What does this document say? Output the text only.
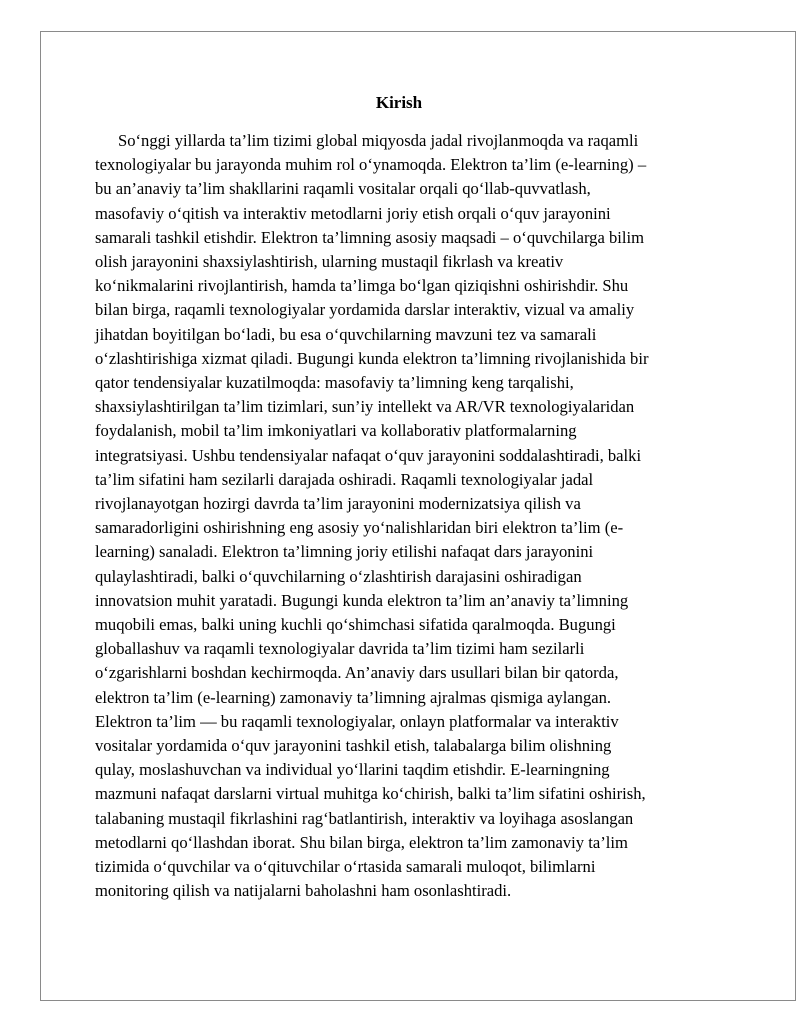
Kirish

So‘nggi yillarda ta’lim tizimi global miqyosda jadal rivojlanmoqda va raqamli
texnologiyalar bu jarayonda muhim rol o‘ynamoqda. Elektron ta’lim (e-learning) –
bu an’anaviy ta’lim shakllarini raqamli vositalar orqali qo‘llab-quvvatlash,
masofaviy o‘qitish va interaktiv metodlarni joriy etish orqali o‘quv jarayonini
samarali tashkil etishdir. Elektron ta’limning asosiy maqsadi – o‘quvchilarga bilim
olish jarayonini shaxsiylashtirish, ularning mustaqil fikrlash va kreativ
ko‘nikmalarini rivojlantirish, hamda ta’limga bo‘lgan qiziqishni oshirishdir. Shu
bilan birga, raqamli texnologiyalar yordamida darslar interaktiv, vizual va amaliy
jihatdan boyitilgan bo‘ladi, bu esa o‘quvchilarning mavzuni tez va samarali
o‘zlashtirishiga xizmat qiladi. Bugungi kunda elektron ta’limning rivojlanishida bir
qator tendensiyalar kuzatilmoqda: masofaviy ta’limning keng tarqalishi,
shaxsiylashtirilgan ta’lim tizimlari, sun’iy intellekt va AR/VR texnologiyalaridan
foydalanish, mobil ta’lim imkoniyatlari va kollaborativ platformalarning
integratsiyasi. Ushbu tendensiyalar nafaqat o‘quv jarayonini soddalashtiradi, balki
ta’lim sifatini ham sezilarli darajada oshiradi. Raqamli texnologiyalar jadal
rivojlanayotgan hozirgi davrda ta’lim jarayonini modernizatsiya qilish va
samaradorligini oshirishning eng asosiy yo‘nalishlaridan biri elektron ta’lim (e-
learning) sanaladi. Elektron ta’limning joriy etilishi nafaqat dars jarayonini
qulaylashtiradi, balki o‘quvchilarning o‘zlashtirish darajasini oshiradigan
innovatsion muhit yaratadi. Bugungi kunda elektron ta’lim an’anaviy ta’limning
muqobili emas, balki uning kuchli qo‘shimchasi sifatida qaralmoqda. Bugungi
globallashuv va raqamli texnologiyalar davrida ta’lim tizimi ham sezilarli
o‘zgarishlarni boshdan kechirmoqda. An’anaviy dars usullari bilan bir qatorda,
elektron ta’lim (e-learning) zamonaviy ta’limning ajralmas qismiga aylangan.
Elektron ta’lim — bu raqamli texnologiyalar, onlayn platformalar va interaktiv
vositalar yordamida o‘quv jarayonini tashkil etish, talabalarga bilim olishning
qulay, moslashuvchan va individual yo‘llarini taqdim etishdir. E-learningning
mazmuni nafaqat darslarni virtual muhitga ko‘chirish, balki ta’lim sifatini oshirish,
talabaning mustaqil fikrlashini rag‘batlantirish, interaktiv va loyihaga asoslangan
metodlarni qo‘llashdan iborat. Shu bilan birga, elektron ta’lim zamonaviy ta’lim
tizimida o‘quvchilar va o‘qituvchilar o‘rtasida samarali muloqot, bilimlarni
monitoring qilish va natijalarni baholashni ham osonlashtiradi.
